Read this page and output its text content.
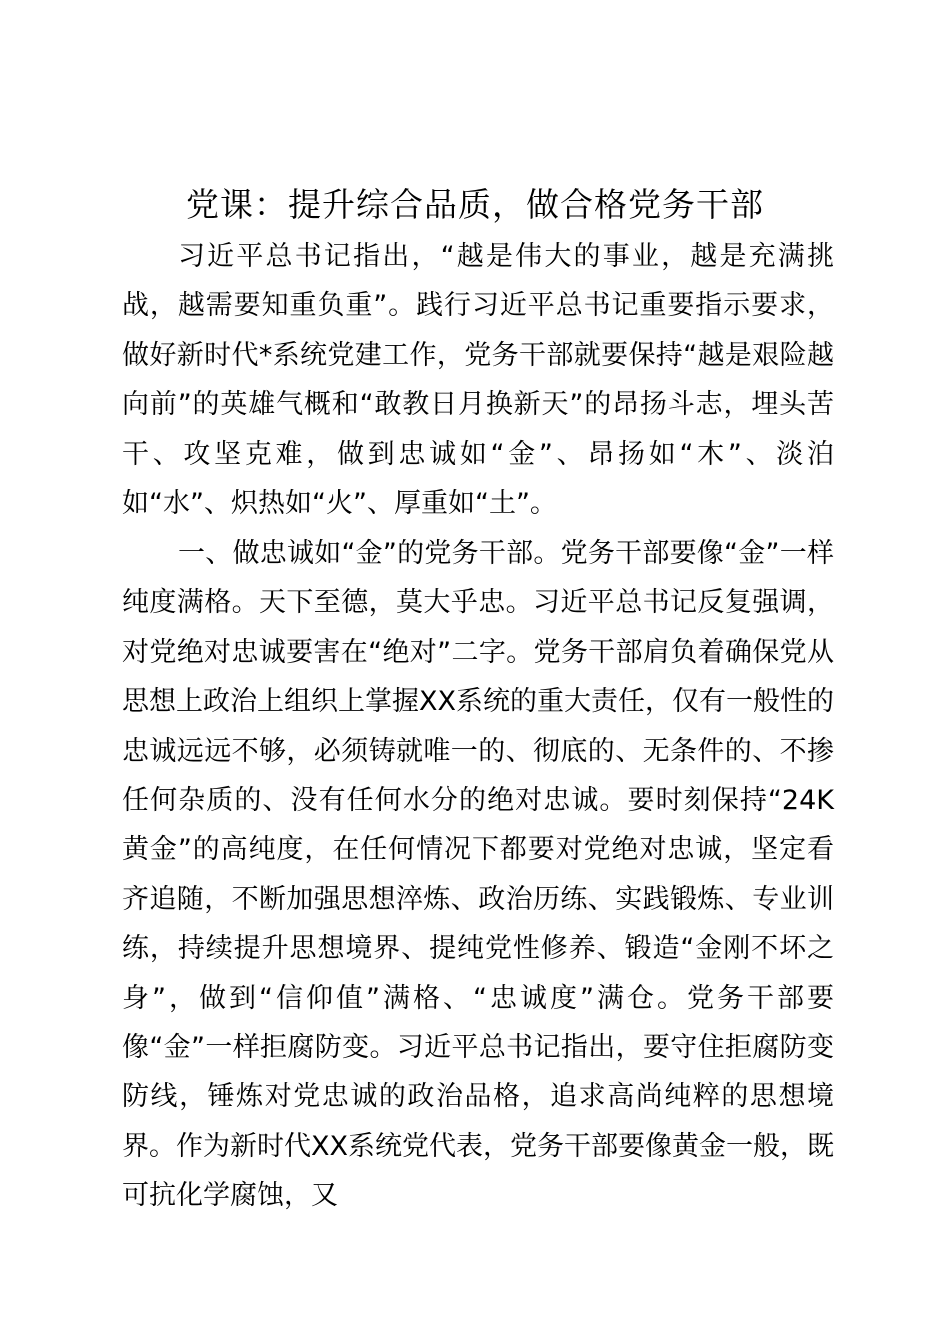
党课：提升综合品质，做合格党务干部

习近平总书记指出，“越是伟大的事业，越是充满挑战，越需要知重负重”。践行习近平总书记重要指示要求，做好新时代*系统党建工作，党务干部就要保持“越是艰险越向前”的英雄气概和“敢教日月换新天”的昂扬斗志，埋头苦干、攻坚克难，做到忠诚如“金”、昂扬如“木”、淡泊如“水”、炽热如“火”、厚重如“土”。

一、做忠诚如“金”的党务干部。党务干部要像“金”一样纯度满格。天下至德，莫大乎忠。习近平总书记反复强调，对党绝对忠诚要害在“绝对”二字。党务干部肩负着确保党从思想上政治上组织上掌握XX系统的重大责任，仅有一般性的忠诚远远不够，必须铸就唯一的、彻底的、无条件的、不掺任何杂质的、没有任何水分的绝对忠诚。要时刻保持“24K黄金”的高纯度，在任何情况下都要对党绝对忠诚，坚定看齐追随，不断加强思想淬炼、政治历练、实践锻炼、专业训练，持续提升思想境界、提纯党性修养、锻造“金刚不坏之身”，做到“信仰值”满格、“忠诚度”满仓。党务干部要像“金”一样拒腐防变。习近平总书记指出，要守住拒腐防变防线，锤炼对党忠诚的政治品格，追求高尚纯粹的思想境界。作为新时代XX系统党代表，党务干部要像黄金一般，既可抗化学腐蚀，又
